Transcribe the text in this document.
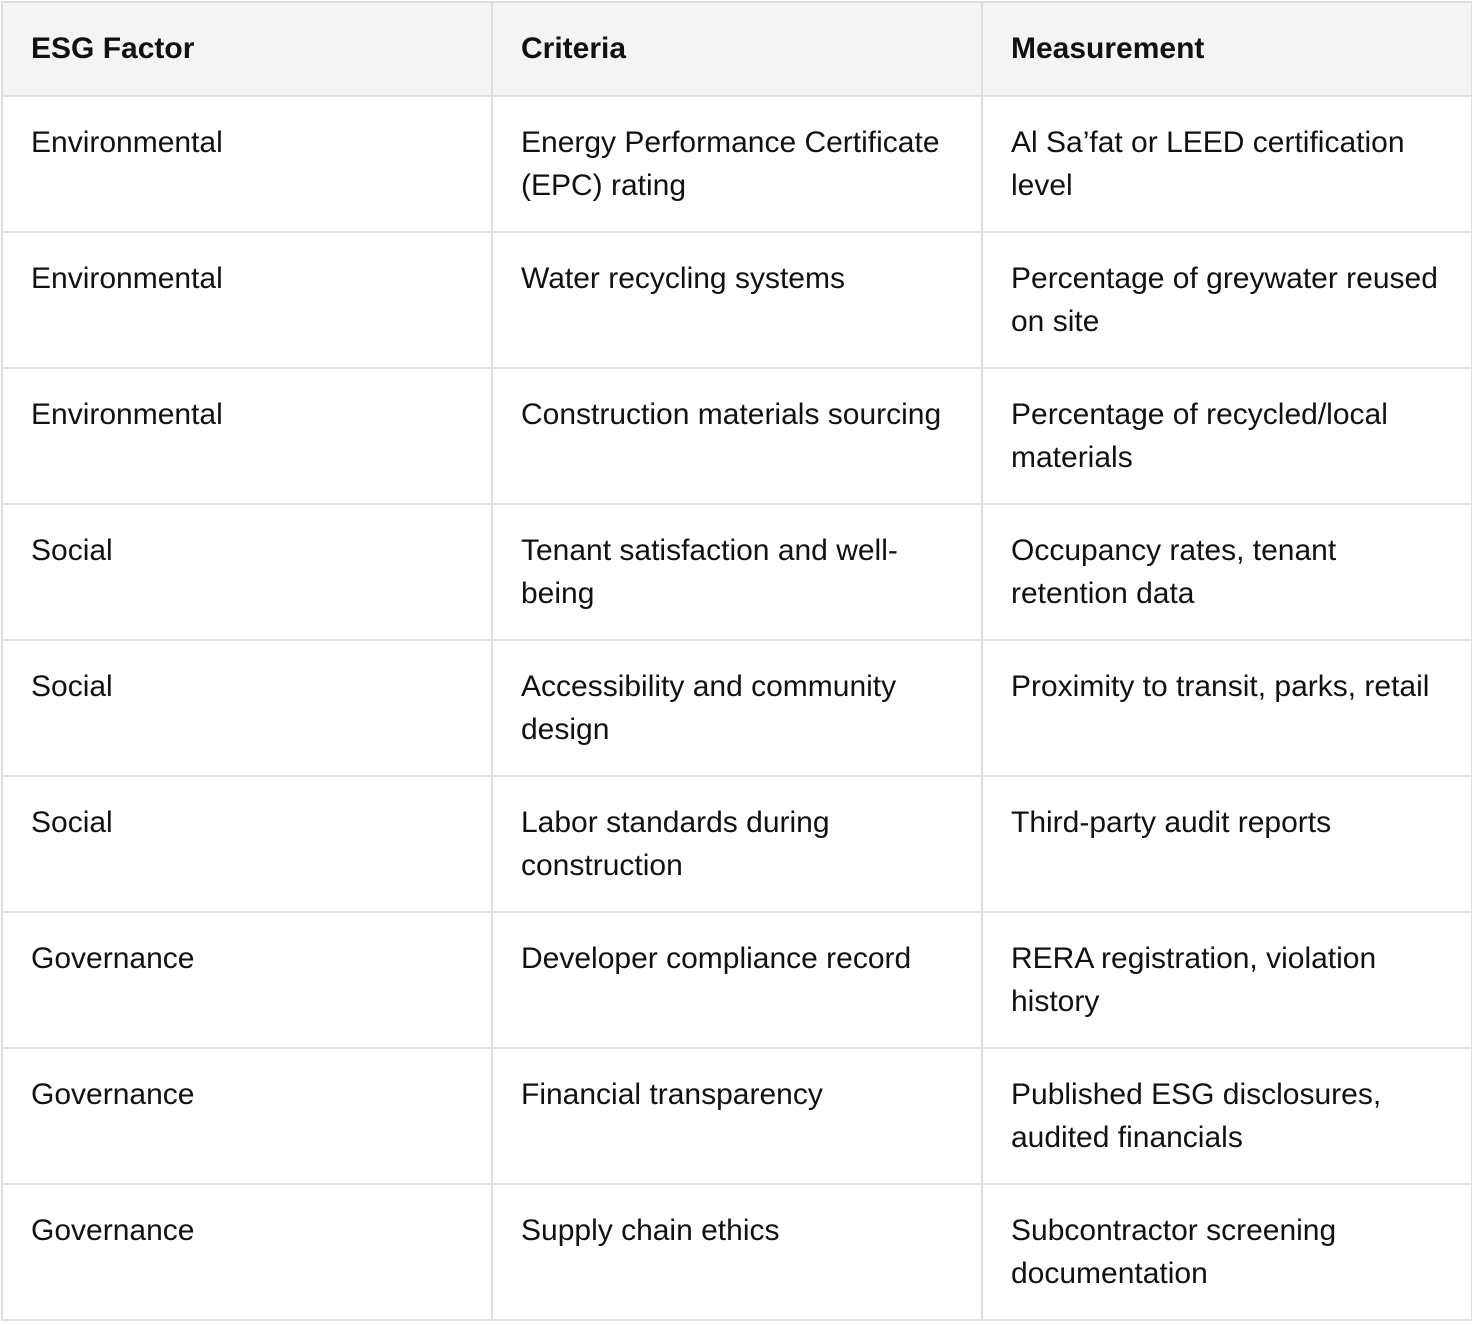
ESG Factor	Criteria	Measurement
Environmental	Energy Performance Certificate (EPC) rating	Al Sa’fat or LEED certification level
Environmental	Water recycling systems	Percentage of greywater reused on site
Environmental	Construction materials sourcing	Percentage of recycled/local materials
Social	Tenant satisfaction and well-being	Occupancy rates, tenant retention data
Social	Accessibility and community design	Proximity to transit, parks, retail
Social	Labor standards during construction	Third-party audit reports
Governance	Developer compliance record	RERA registration, violation history
Governance	Financial transparency	Published ESG disclosures, audited financials
Governance	Supply chain ethics	Subcontractor screening documentation
